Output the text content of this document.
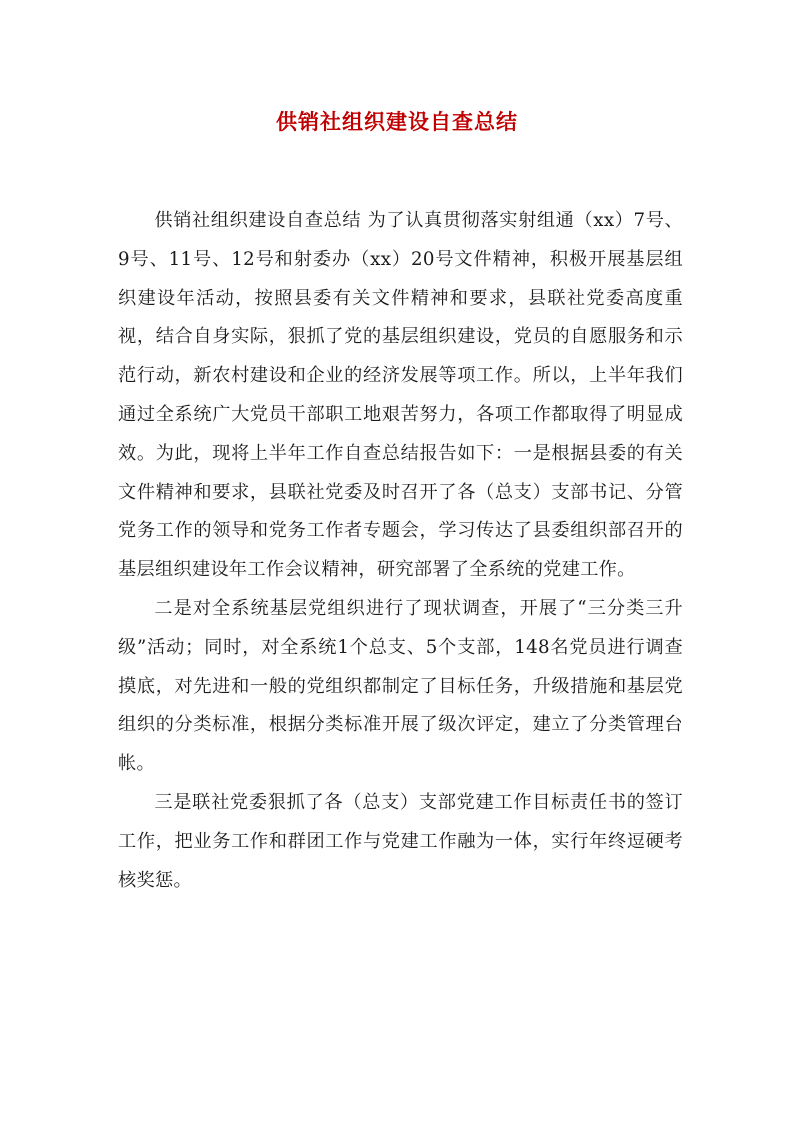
供销社组织建设自查总结

供销社组织建设自查总结 为了认真贯彻落实射组通（xx）7号、9号、11号、12号和射委办（xx）20号文件精神，积极开展基层组织建设年活动，按照县委有关文件精神和要求，县联社党委高度重视，结合自身实际，狠抓了党的基层组织建设，党员的自愿服务和示范行动，新农村建设和企业的经济发展等项工作。所以，上半年我们通过全系统广大党员干部职工地艰苦努力，各项工作都取得了明显成效。为此，现将上半年工作自查总结报告如下：一是根据县委的有关文件精神和要求，县联社党委及时召开了各（总支）支部书记、分管党务工作的领导和党务工作者专题会，学习传达了县委组织部召开的基层组织建设年工作会议精神，研究部署了全系统的党建工作。

二是对全系统基层党组织进行了现状调查，开展了“三分类三升级”活动；同时，对全系统1个总支、5个支部，148名党员进行调查摸底，对先进和一般的党组织都制定了目标任务，升级措施和基层党组织的分类标准，根据分类标准开展了级次评定，建立了分类管理台帐。

三是联社党委狠抓了各（总支）支部党建工作目标责任书的签订工作，把业务工作和群团工作与党建工作融为一体，实行年终逗硬考核奖惩。
